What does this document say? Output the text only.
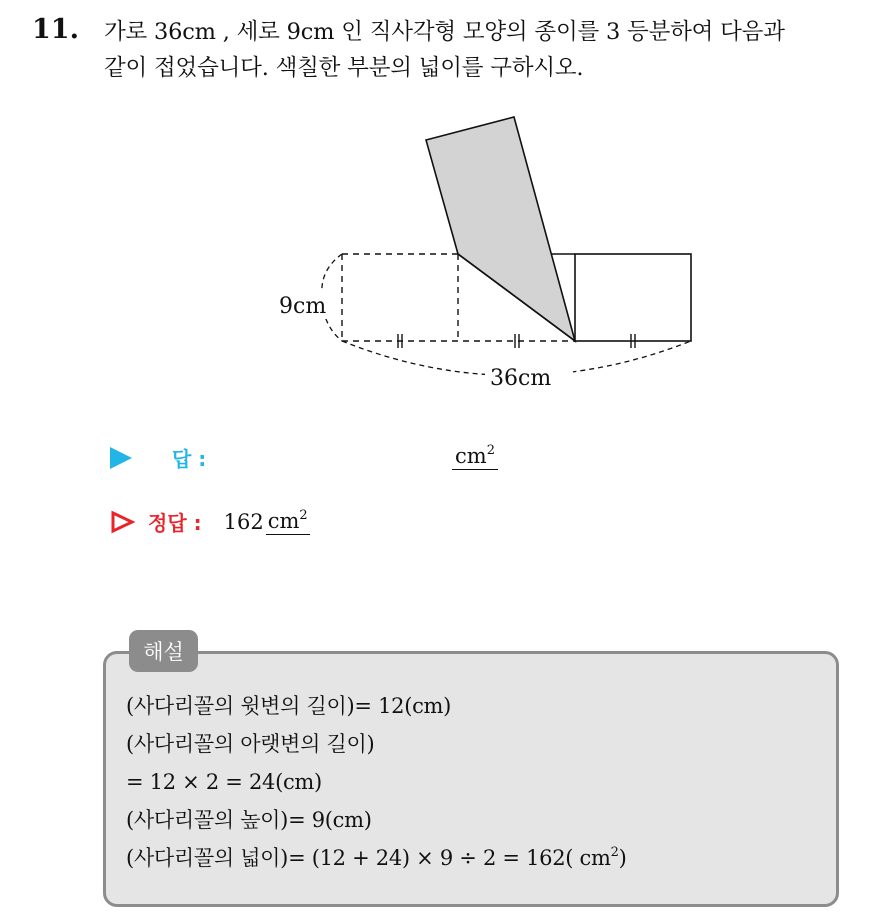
11. 가로 36cm , 세로 9cm 인 직사각형 모양의 종이를 3 등분하여 다음과
같이 접었습니다. 색칠한 부분의 넓이를 구하시오.
9cm
36cm
답 :	$cm^2$
정답 : 162 $cm^2$
해설
(사다리꼴의 윗변의 길이)= 12(cm)
(사다리꼴의 아랫변의 길이)
= 12 × 2 = 24(cm)
(사다리꼴의 높이)= 9(cm)
(사다리꼴의 넓이)= (12 + 24) × 9 ÷ 2 = 162( $cm^2$)
